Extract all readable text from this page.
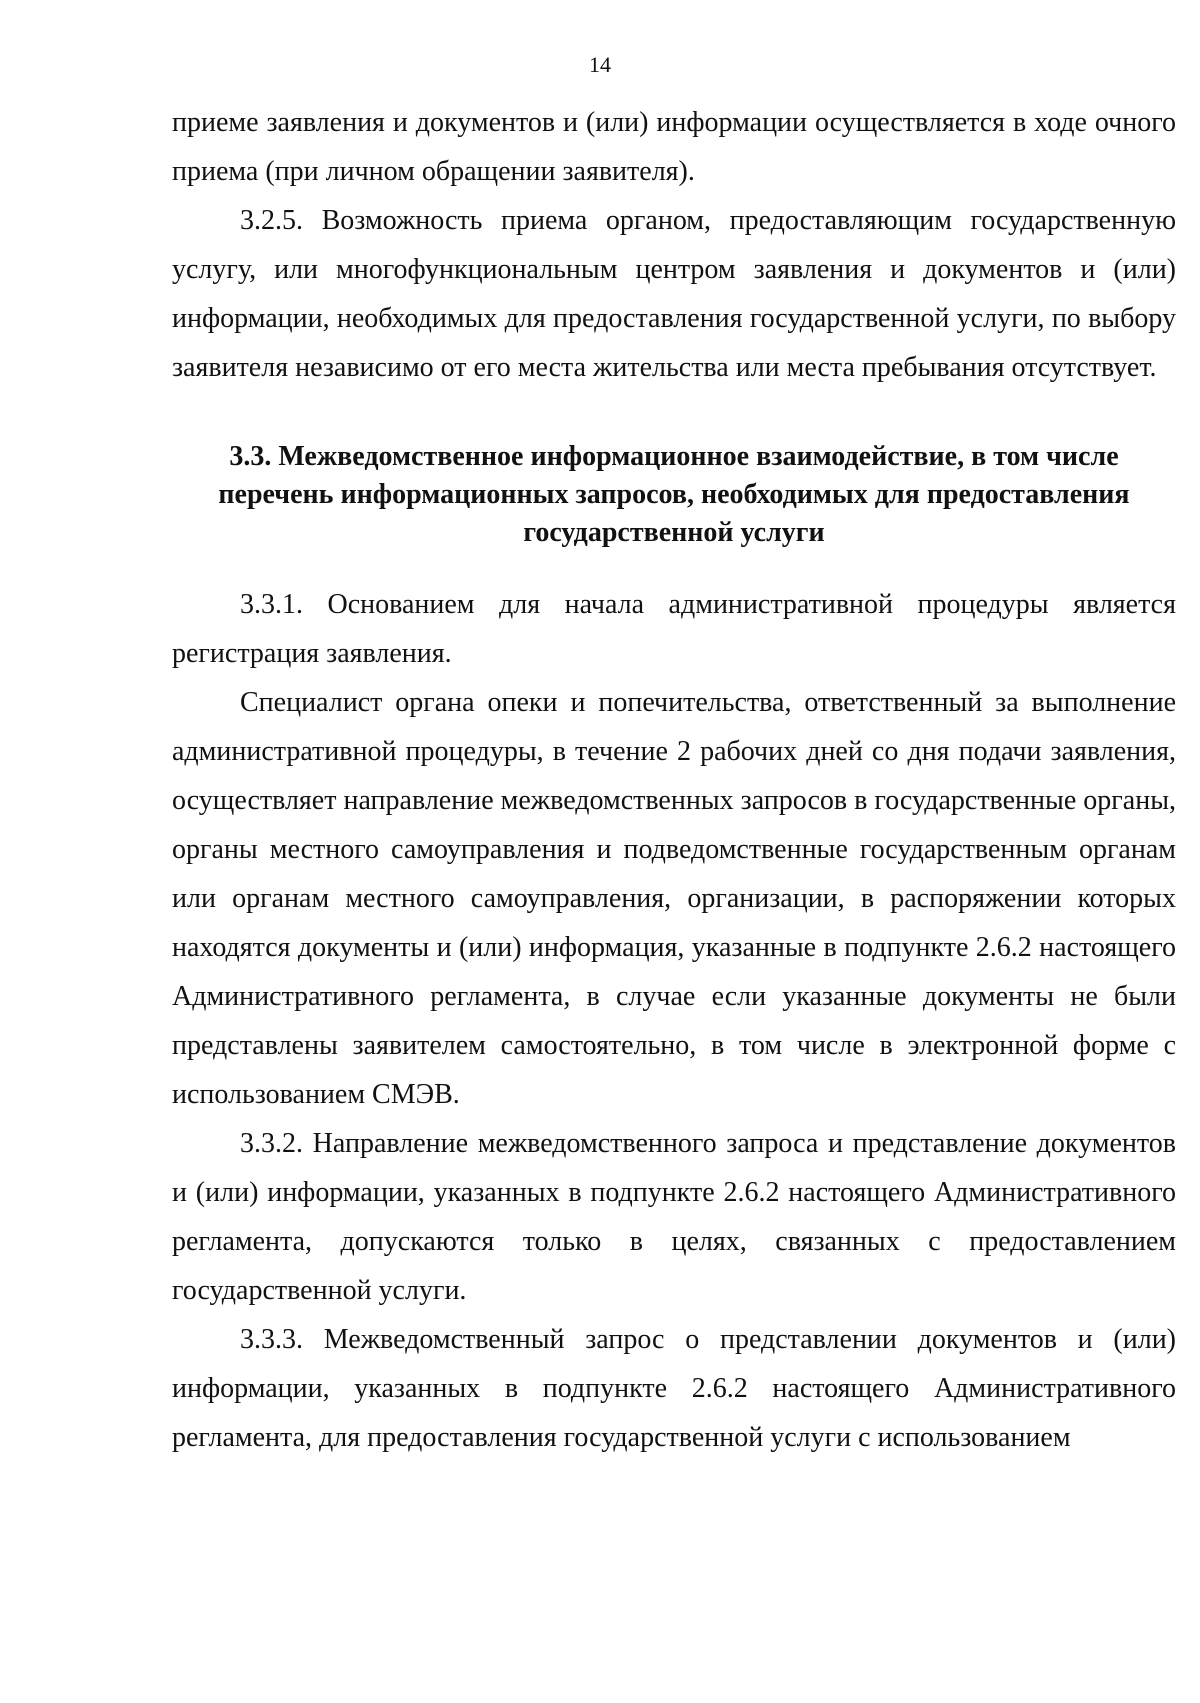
14

приеме заявления и документов и (или) информации осуществляется в ходе очного приема (при личном обращении заявителя).

3.2.5. Возможность приема органом, предоставляющим государственную услугу, или многофункциональным центром заявления и документов и (или) информации, необходимых для предоставления государственной услуги, по выбору заявителя независимо от его места жительства или места пребывания отсутствует.

3.3. Межведомственное информационное взаимодействие, в том числе
перечень информационных запросов, необходимых для предоставления
государственной услуги

3.3.1. Основанием для начала административной процедуры является регистрация заявления.

Специалист органа опеки и попечительства, ответственный за выполнение административной процедуры, в течение 2 рабочих дней со дня подачи заявления, осуществляет направление межведомственных запросов в государственные органы, органы местного самоуправления и подведомственные государственным органам или органам местного самоуправления, организации, в распоряжении которых находятся документы и (или) информация, указанные в подпункте 2.6.2 настоящего Административного регламента, в случае если указанные документы не были представлены заявителем самостоятельно, в том числе в электронной форме с использованием СМЭВ.

3.3.2. Направление межведомственного запроса и представление документов и (или) информации, указанных в подпункте 2.6.2 настоящего Административного регламента, допускаются только в целях, связанных с предоставлением государственной услуги.

3.3.3. Межведомственный запрос о представлении документов и (или) информации, указанных в подпункте 2.6.2 настоящего Административного регламента, для предоставления государственной услуги с использованием
